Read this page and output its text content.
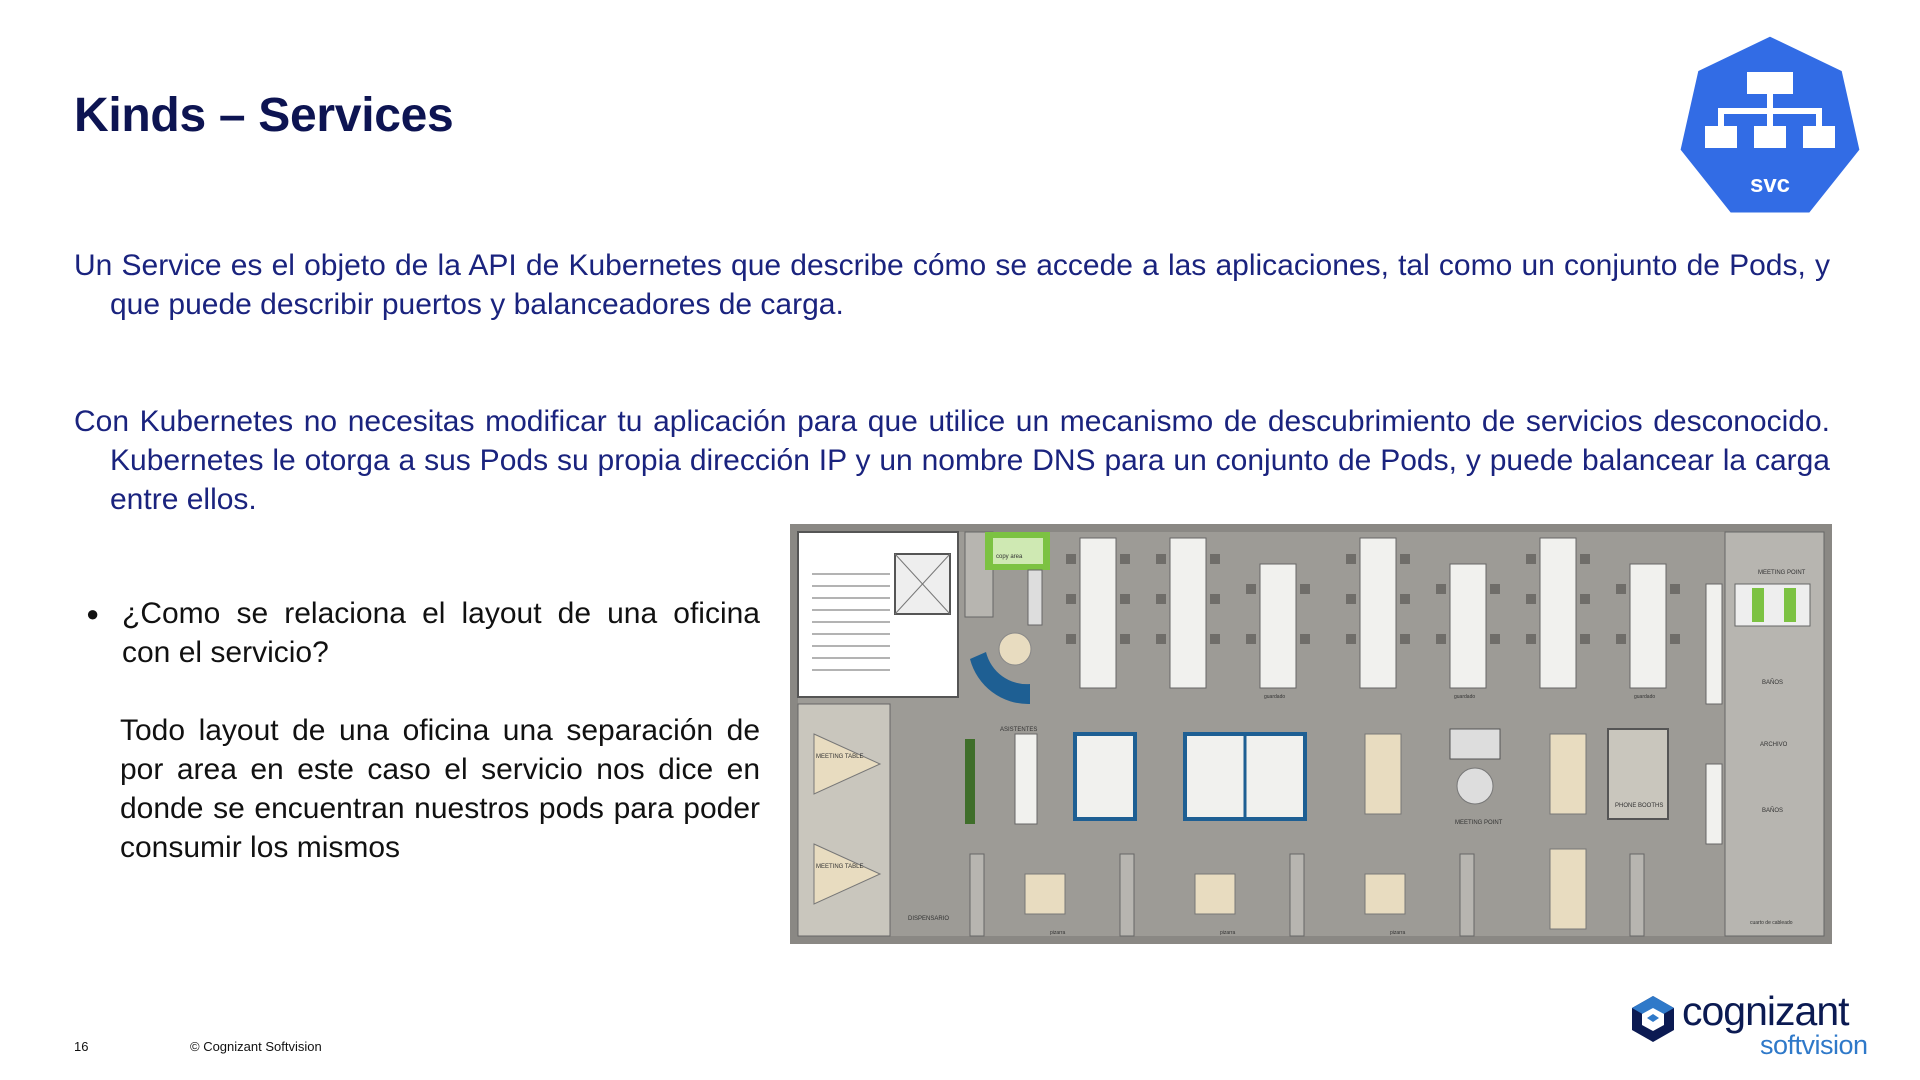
Kinds – Services
svc

Un Service es el objeto de la API de Kubernetes que describe cómo se accede a las aplicaciones, tal como un conjunto de Pods, y que puede describir puertos y balanceadores de carga.

Con Kubernetes no necesitas modificar tu aplicación para que utilice un mecanismo de descubrimiento de servicios desconocido. Kubernetes le otorga a sus Pods su propia dirección IP y un nombre DNS para un conjunto de Pods, y puede balancear la carga entre ellos.

● ¿Como se relaciona el layout de una oficina con el servicio?
Todo layout de una oficina una separación de por area en este caso el servicio nos dice en donde se encuentran nuestros pods para poder consumir los mismos
copy area
ASISTENTES
guardado	guardado	guardado
MEETING POINT
BAÑOS
ARCHIVO
BAÑOS
cuarto de cableado
MEETING TABLE
MEETING TABLE
DISPENSARIO
MEETING POINT
PHONE BOOTHS
pizarra	pizarra	pizarra
16	© Cognizant Softvision
cognizant
softvision
